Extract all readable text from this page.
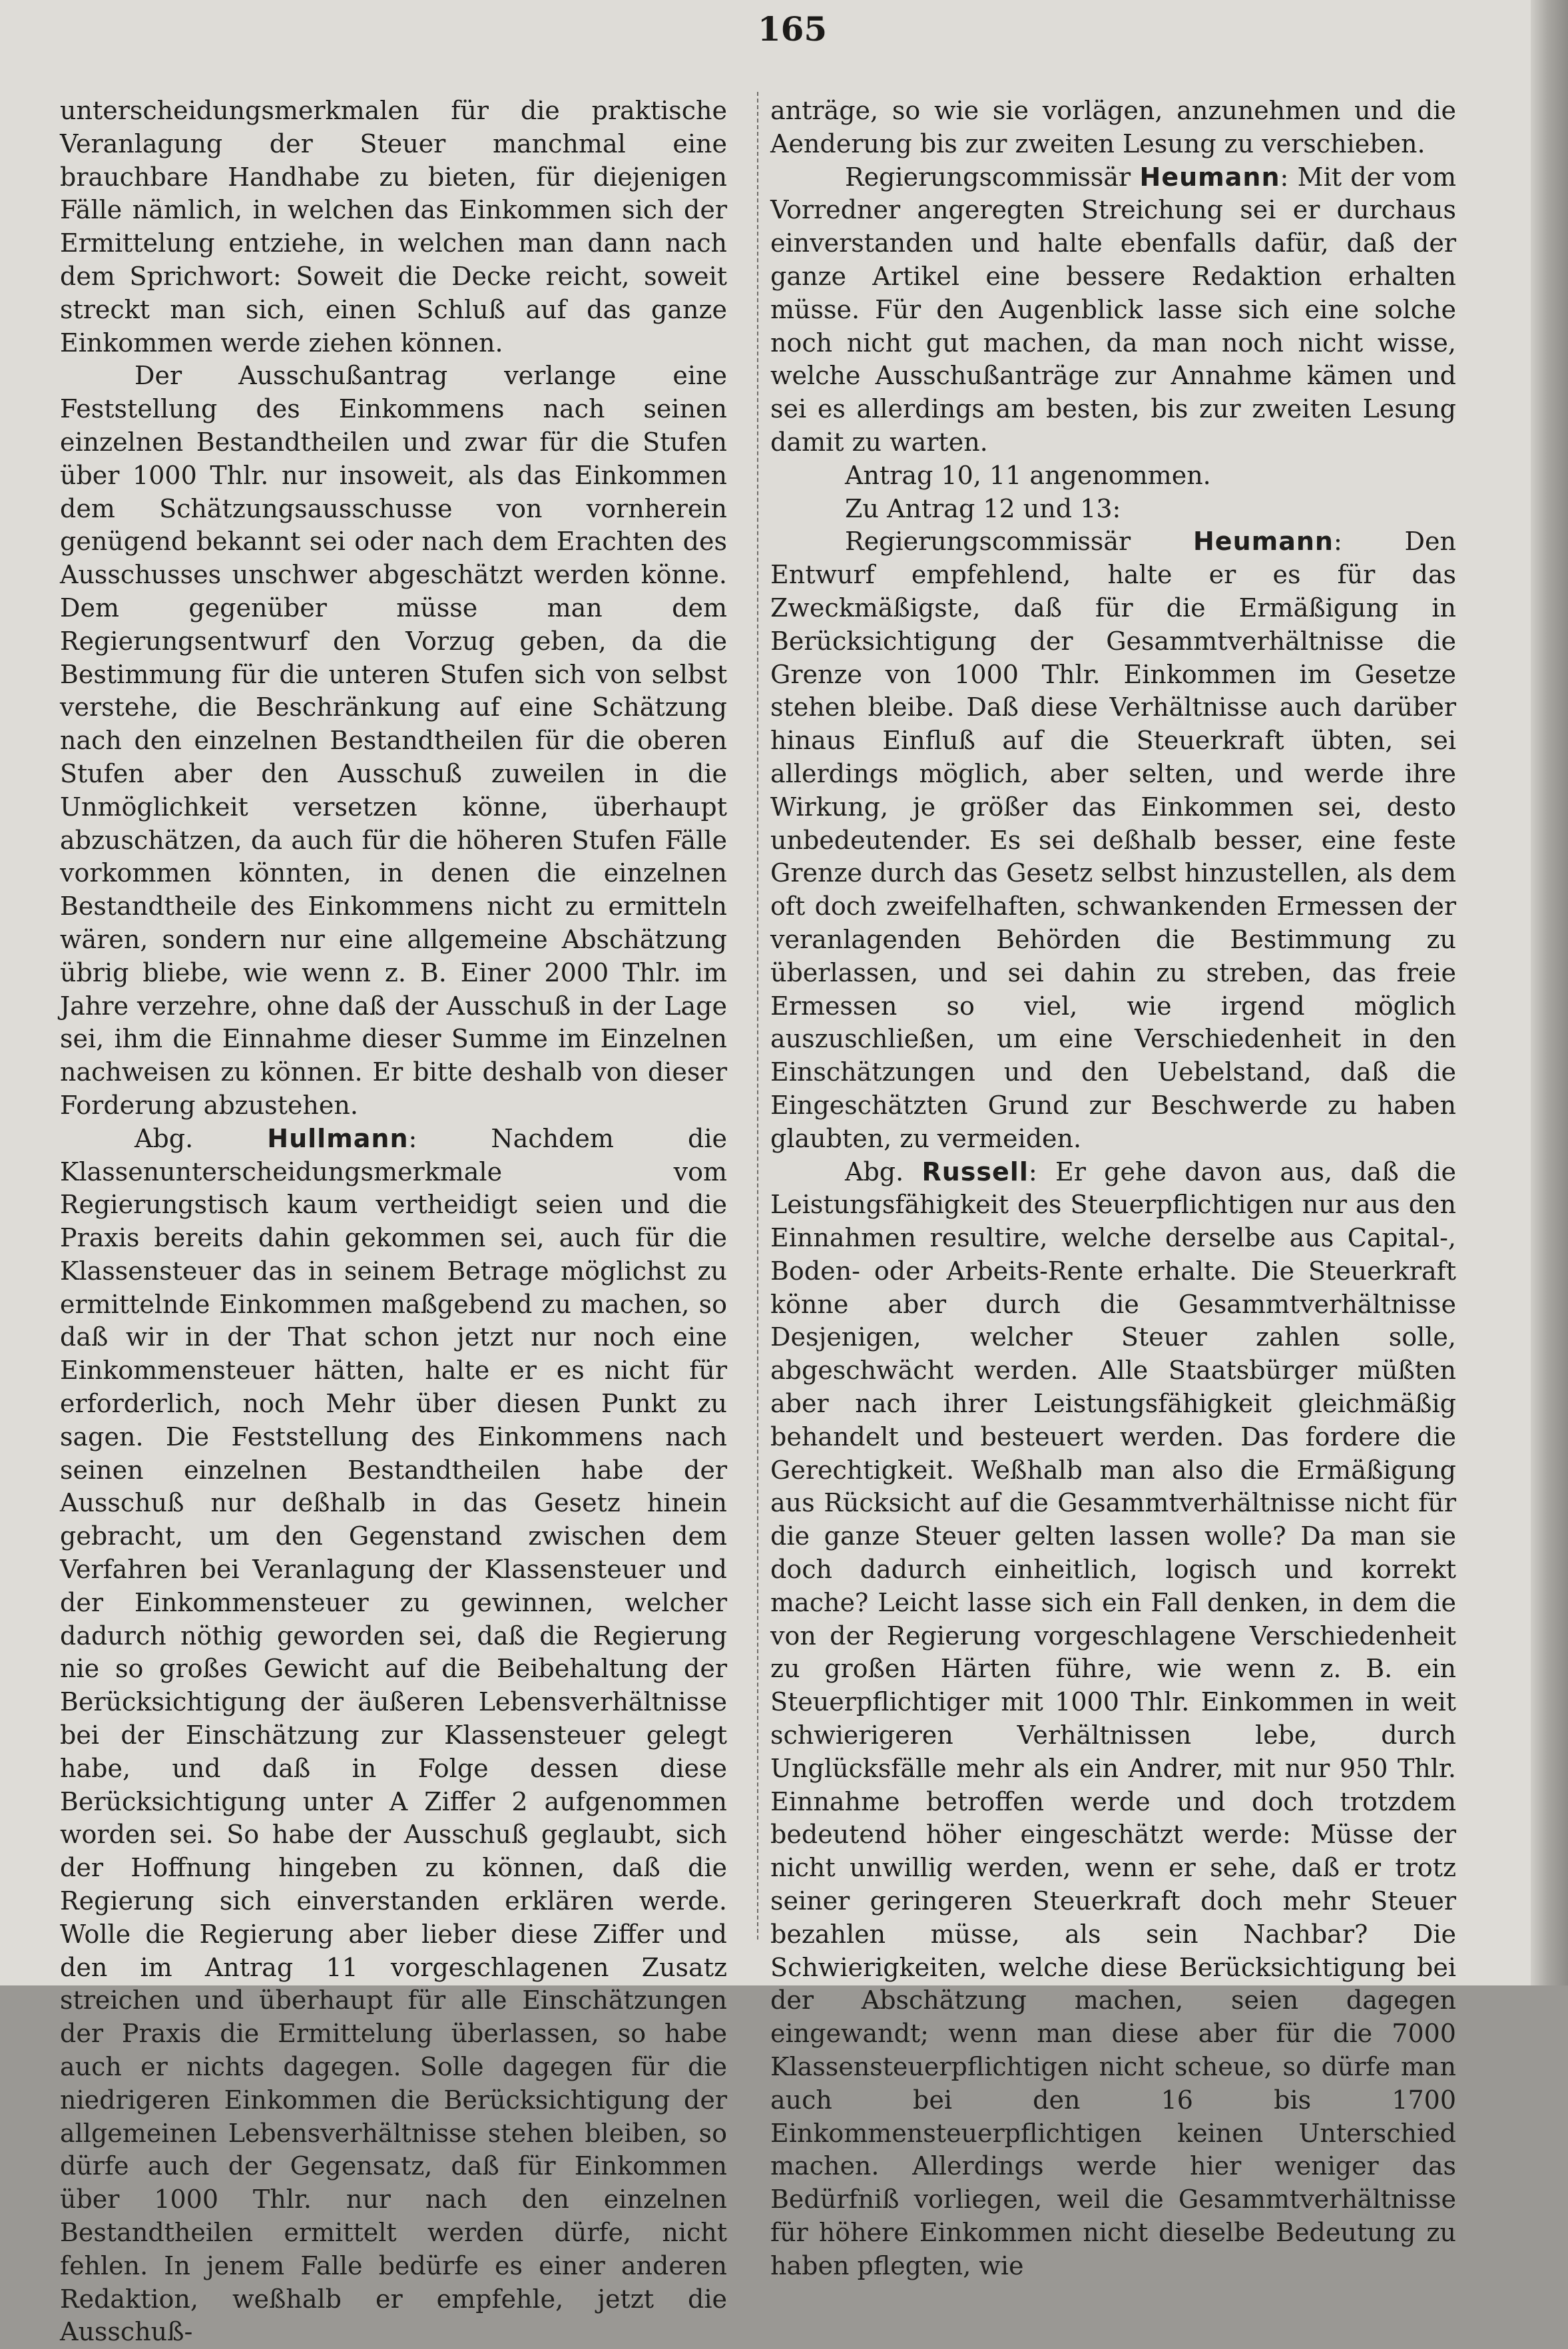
165

unterscheidungsmerkmalen für die praktische Veranlagung der Steuer manchmal eine brauchbare Handhabe zu bieten, für diejenigen Fälle nämlich, in welchen das Einkommen sich der Ermittelung entziehe, in welchen man dann nach dem Sprichwort: Soweit die Decke reicht, soweit streckt man sich, einen Schluß auf das ganze Einkommen werde ziehen können.

Der Ausschußantrag verlange eine Feststellung des Einkommens nach seinen einzelnen Bestandtheilen und zwar für die Stufen über 1000 Thlr. nur insoweit, als das Einkommen dem Schätzungsausschusse von vornherein genügend bekannt sei oder nach dem Erachten des Ausschusses unschwer abgeschätzt werden könne. Dem gegenüber müsse man dem Regierungsentwurf den Vorzug geben, da die Bestimmung für die unteren Stufen sich von selbst verstehe, die Beschränkung auf eine Schätzung nach den einzelnen Bestandtheilen für die oberen Stufen aber den Ausschuß zuweilen in die Unmöglichkeit versetzen könne, überhaupt abzuschätzen, da auch für die höheren Stufen Fälle vorkommen könnten, in denen die einzelnen Bestandtheile des Einkommens nicht zu ermitteln wären, sondern nur eine allgemeine Abschätzung übrig bliebe, wie wenn z. B. Einer 2000 Thlr. im Jahre verzehre, ohne daß der Ausschuß in der Lage sei, ihm die Einnahme dieser Summe im Einzelnen nachweisen zu können. Er bitte deshalb von dieser Forderung abzustehen.

Abg.	Hullmann: Nachdem die Klassenunterscheidungsmerkmale vom Regierungstisch kaum vertheidigt seien und die Praxis bereits dahin gekommen sei, auch für die Klassensteuer das in seinem Betrage möglichst zu ermittelnde Einkommen maßgebend zu machen, so daß wir in der That schon jetzt nur noch eine Einkommensteuer hätten, halte er es nicht für erforderlich, noch Mehr über diesen Punkt zu sagen. Die Feststellung des Einkommens nach seinen einzelnen Bestandtheilen habe der Ausschuß nur deßhalb in das Gesetz hinein gebracht, um den Gegenstand zwischen dem Verfahren bei Veranlagung der Klassensteuer und der Einkommensteuer zu gewinnen, welcher dadurch nöthig geworden sei, daß die Regierung nie so großes Gewicht auf die Beibehaltung der Berücksichtigung der äußeren Lebensverhältnisse bei der Einschätzung zur Klassensteuer gelegt habe, und daß in Folge dessen diese Berücksichtigung unter A Ziffer 2 aufgenommen worden sei. So habe der Ausschuß geglaubt, sich der Hoffnung hingeben zu können, daß die Regierung sich einverstanden erklären werde. Wolle die Regierung aber lieber diese Ziffer und den im Antrag 11 vorgeschlagenen Zusatz streichen und überhaupt für alle Einschätzungen der Praxis die Ermittelung überlassen, so habe auch er nichts dagegen. Solle dagegen für die niedrigeren Einkommen die Berücksichtigung der allgemeinen Lebensverhältnisse stehen bleiben, so dürfe auch der Gegensatz, daß für Einkommen über 1000 Thlr. nur nach den einzelnen Bestandtheilen ermittelt werden dürfe, nicht fehlen. In jenem Falle bedürfe es einer anderen Redaktion, weßhalb er empfehle, jetzt die Ausschuß-

anträge, so wie sie vorlägen, anzunehmen und die Aenderung bis zur zweiten Lesung zu verschieben.

Regierungscommissär Heumann: Mit der vom Vorredner angeregten Streichung sei er durchaus einverstanden und halte ebenfalls dafür, daß der ganze Artikel eine bessere Redaktion erhalten müsse. Für den Augenblick lasse sich eine solche noch nicht gut machen, da man noch nicht wisse, welche Ausschußanträge zur Annahme kämen und sei es allerdings am besten, bis zur zweiten Lesung damit zu warten.

Antrag 10, 11 angenommen.

Zu Antrag 12 und 13:

Regierungscommissär Heumann: Den Entwurf empfehlend, halte er es für das Zweckmäßigste, daß für die Ermäßigung in Berücksichtigung der Gesammtverhältnisse die Grenze von 1000 Thlr. Einkommen im Gesetze stehen bleibe. Daß diese Verhältnisse auch darüber hinaus Einfluß auf die Steuerkraft übten, sei allerdings möglich, aber selten, und werde ihre Wirkung, je größer das Einkommen sei, desto unbedeutender. Es sei deßhalb besser, eine feste Grenze durch das Gesetz selbst hinzustellen, als dem oft doch zweifelhaften, schwankenden Ermessen der veranlagenden Behörden die Bestimmung zu überlassen, und sei dahin zu streben, das freie Ermessen so viel, wie irgend möglich auszuschließen, um eine Verschiedenheit in den Einschätzungen und den Uebelstand, daß die Eingeschätzten Grund zur Beschwerde zu haben glaubten, zu vermeiden.

Abg. Russell: Er gehe davon aus, daß die Leistungsfähigkeit des Steuerpflichtigen nur aus den Einnahmen resultire, welche derselbe aus Capital-, Boden- oder Arbeits-Rente erhalte. Die Steuerkraft könne aber durch die Gesammtverhältnisse Desjenigen, welcher Steuer zahlen solle, abgeschwächt werden. Alle Staatsbürger müßten aber nach ihrer Leistungsfähigkeit gleichmäßig behandelt und besteuert werden. Das fordere die Gerechtigkeit. Weßhalb man also die Ermäßigung aus Rücksicht auf die Gesammtverhältnisse nicht für die ganze Steuer gelten lassen wolle? Da man sie doch dadurch einheitlich, logisch und korrekt mache? Leicht lasse sich ein Fall denken, in dem die von der Regierung vorgeschlagene Verschiedenheit zu großen Härten führe, wie wenn z. B. ein Steuerpflichtiger mit 1000 Thlr. Einkommen in weit schwierigeren Verhältnissen lebe, durch Unglücksfälle mehr als ein Andrer, mit nur 950 Thlr. Einnahme betroffen werde und doch trotzdem bedeutend höher eingeschätzt werde: Müsse der nicht unwillig werden, wenn er sehe, daß er trotz seiner geringeren Steuerkraft doch mehr Steuer bezahlen müsse, als sein Nachbar? Die Schwierigkeiten, welche diese Berücksichtigung bei der Abschätzung machen, seien dagegen eingewandt; wenn man diese aber für die 7000 Klassensteuerpflichtigen nicht scheue, so dürfe man auch bei den 16 bis 1700 Einkommensteuerpflichtigen keinen Unterschied machen. Allerdings werde hier weniger das Bedürfniß vorliegen, weil die Gesammtverhältnisse für höhere Einkommen nicht dieselbe Bedeutung zu haben pflegten, wie
